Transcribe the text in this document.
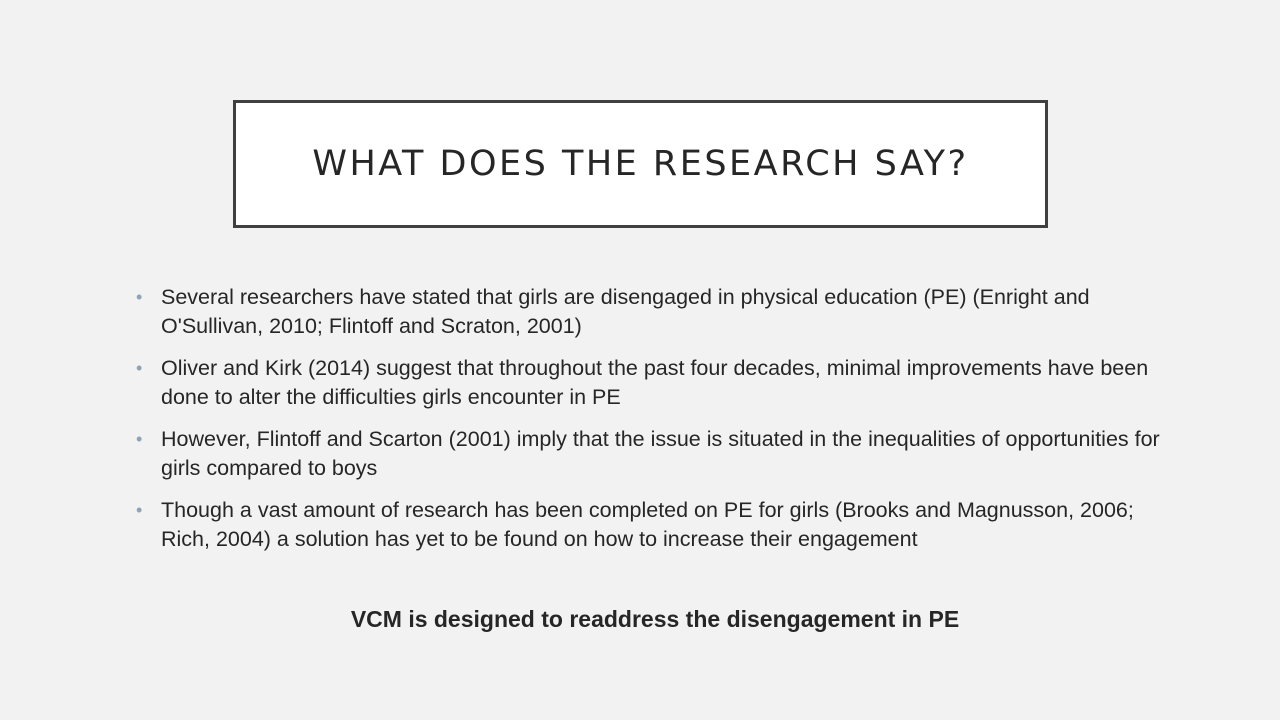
WHAT DOES THE RESEARCH SAY?
• Several researchers have stated that girls are disengaged in physical education (PE) (Enright and O'Sullivan, 2010; Flintoff and Scraton, 2001)
• Oliver and Kirk (2014) suggest that throughout the past four decades, minimal improvements have been done to alter the difficulties girls encounter in PE
• However, Flintoff and Scarton (2001) imply that the issue is situated in the inequalities of opportunities for girls compared to boys
• Though a vast amount of research has been completed on PE for girls (Brooks and Magnusson, 2006; Rich, 2004) a solution has yet to be found on how to increase their engagement

VCM is designed to readdress the disengagement in PE
